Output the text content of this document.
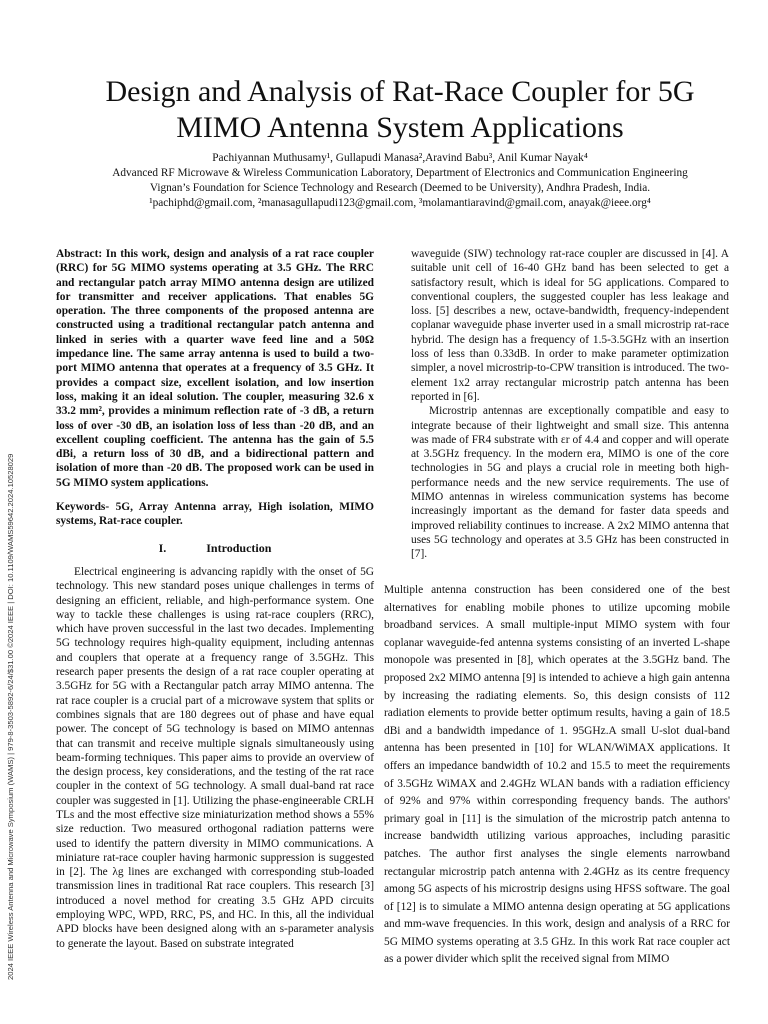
2024 IEEE Wireless Antenna and Microwave Symposium (WAMS) | 979-8-3503-5892-6/24/$31.00 ©2024 IEEE | DOI: 10.1109/WAMS59642.2024.10528029
Design and Analysis of Rat-Race Coupler for 5G MIMO Antenna System Applications
Pachiyannan Muthusamy¹, Gullapudi Manasa²,Aravind Babu³, Anil Kumar Nayak⁴
Advanced RF Microwave & Wireless Communication Laboratory, Department of Electronics and Communication Engineering
Vignan’s Foundation for Science Technology and Research (Deemed to be University), Andhra Pradesh, India.
¹pachiphd@gmail.com, ²manasagullapudi123@gmail.com, ³molamantiaravind@gmail.com, anayak@ieee.org⁴

Abstract: In this work, design and analysis of a rat race coupler (RRC) for 5G MIMO systems operating at 3.5 GHz. The RRC and rectangular patch array MIMO antenna design are utilized for transmitter and receiver applications. That enables 5G operation. The three components of the proposed antenna are constructed using a traditional rectangular patch antenna and linked in series with a quarter wave feed line and a 50Ω impedance line. The same array antenna is used to build a two-port MIMO antenna that operates at a frequency of 3.5 GHz. It provides a compact size, excellent isolation, and low insertion loss, making it an ideal solution. The coupler, measuring 32.6 x 33.2 mm², provides a minimum reflection rate of -3 dB, a return loss of over -30 dB, an isolation loss of less than -20 dB, and an excellent coupling coefficient. The antenna has the gain of 5.5 dBi, a return loss of 30 dB, and a bidirectional pattern and isolation of more than -20 dB. The proposed work can be used in 5G MIMO system applications.

Keywords- 5G, Array Antenna array, High isolation, MIMO systems, Rat-race coupler.

I.	Introduction

Electrical engineering is advancing rapidly with the onset of 5G technology. This new standard poses unique challenges in terms of designing an efficient, reliable, and high-performance system. One way to tackle these challenges is using rat-race couplers (RRC), which have proven successful in the last two decades. Implementing 5G technology requires high-quality equipment, including antennas and couplers that operate at a frequency range of 3.5GHz. This research paper presents the design of a rat race coupler operating at 3.5GHz for 5G with a Rectangular patch array MIMO antenna. The rat race coupler is a crucial part of a microwave system that splits or combines signals that are 180 degrees out of phase and have equal power. The concept of 5G technology is based on MIMO antennas that can transmit and receive multiple signals simultaneously using beam-forming techniques. This paper aims to provide an overview of the design process, key considerations, and the testing of the rat race coupler in the context of 5G technology. A small dual-band rat race coupler was suggested in [1]. Utilizing the phase-engineerable CRLH TLs and the most effective size miniaturization method shows a 55% size reduction. Two measured orthogonal radiation patterns were used to identify the pattern diversity in MIMO communications. A miniature rat-race coupler having harmonic suppression is suggested in [2]. The λg lines are exchanged with corresponding stub-loaded transmission lines in traditional Rat race couplers. This research [3] introduced a novel method for creating 3.5 GHz APD circuits employing WPC, WPD, RRC, PS, and HC. In this, all the individual APD blocks have been designed along with an s-parameter analysis to generate the layout. Based on substrate integrated

waveguide (SIW) technology rat-race coupler are discussed in [4]. A suitable unit cell of 16-40 GHz band has been selected to get a satisfactory result, which is ideal for 5G applications. Compared to conventional couplers, the suggested coupler has less leakage and loss. [5] describes a new, octave-bandwidth, frequency-independent coplanar waveguide phase inverter used in a small microstrip rat-race hybrid. The design has a frequency of 1.5-3.5GHz with an insertion loss of less than 0.33dB. In order to make parameter optimization simpler, a novel microstrip-to-CPW transition is introduced. The two-element 1x2 array rectangular microstrip patch antenna has been reported in [6].

Microstrip antennas are exceptionally compatible and easy to integrate because of their lightweight and small size. This antenna was made of FR4 substrate with εr of 4.4 and copper and will operate at 3.5GHz frequency. In the modern era, MIMO is one of the core technologies in 5G and plays a crucial role in meeting both high-performance needs and the new service requirements. The use of MIMO antennas in wireless communication systems has become increasingly important as the demand for faster data speeds and improved reliability continues to increase. A 2x2 MIMO antenna that uses 5G technology and operates at 3.5 GHz has been constructed in [7].

Multiple antenna construction has been considered one of the best alternatives for enabling mobile phones to utilize upcoming mobile broadband services. A small multiple-input MIMO system with four coplanar waveguide-fed antenna systems consisting of an inverted L-shape monopole was presented in [8], which operates at the 3.5GHz band. The proposed 2x2 MIMO antenna [9] is intended to achieve a high gain antenna by increasing the radiating elements. So, this design consists of 112 radiation elements to provide better optimum results, having a gain of 18.5 dBi and a bandwidth impedance of 1. 95GHz.A small U-slot dual-band antenna has been presented in [10] for WLAN/WiMAX applications. It offers an impedance bandwidth of 10.2 and 15.5 to meet the requirements of 3.5GHz WiMAX and 2.4GHz WLAN bands with a radiation efficiency of 92% and 97% within corresponding frequency bands. The authors' primary goal in [11] is the simulation of the microstrip patch antenna to increase bandwidth utilizing various approaches, including parasitic patches. The author first analyses the single elements narrowband rectangular microstrip patch antenna with 2.4GHz as its centre frequency among 5G aspects of his microstrip designs using HFSS software. The goal of [12] is to simulate a MIMO antenna design operating at 5G applications and mm-wave frequencies. In this work, design and analysis of a RRC for 5G MIMO systems operating at 3.5 GHz. In this work Rat race coupler act as a power divider which split the received signal from MIMO
